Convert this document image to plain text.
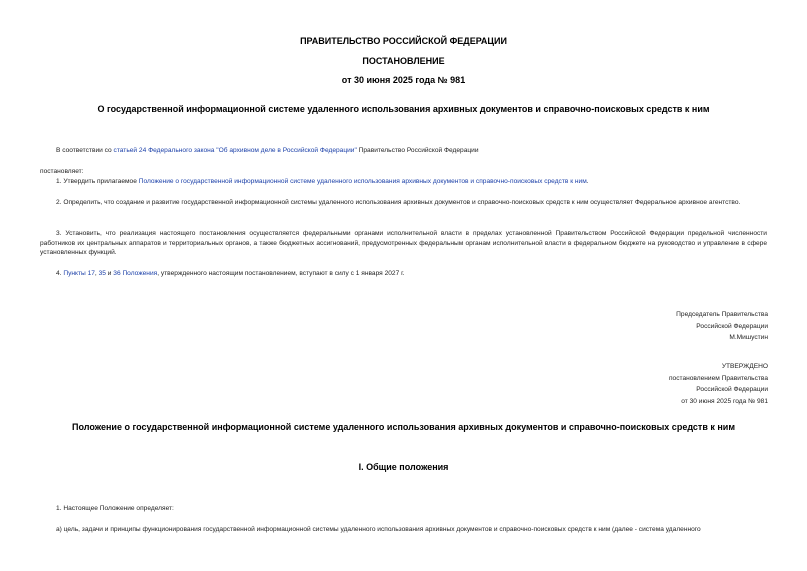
ПРАВИТЕЛЬСТВО РОССИЙСКОЙ ФЕДЕРАЦИИ
ПОСТАНОВЛЕНИЕ
от 30 июня 2025 года № 981
О государственной информационной системе удаленного использования архивных документов и справочно-поисковых средств к ним
В соответствии со статьей 24 Федерального закона "Об архивном деле в Российской Федерации" Правительство Российской Федерации
постановляет:
1. Утвердить прилагаемое Положение о государственной информационной системе удаленного использования архивных документов и справочно-поисковых средств к ним.
2. Определить, что создание и развитие государственной информационной системы удаленного использования архивных документов и справочно-поисковых средств к ним осуществляет Федеральное архивное агентство.
3. Установить, что реализация настоящего постановления осуществляется федеральными органами исполнительной власти в пределах установленной Правительством Российской Федерации предельной численности работников их центральных аппаратов и территориальных органов, а также бюджетных ассигнований, предусмотренных федеральным органам исполнительной власти в федеральном бюджете на руководство и управление в сфере установленных функций.
4. Пункты 17, 35 и 36 Положения, утвержденного настоящим постановлением, вступают в силу с 1 января 2027 г.
Председатель Правительства
Российской Федерации
М.Мишустин
УТВЕРЖДЕНО
постановлением Правительства
Российской Федерации
от 30 июня 2025 года № 981
Положение о государственной информационной системе удаленного использования архивных документов и справочно-поисковых средств к ним
I. Общие положения
1. Настоящее Положение определяет:
а) цель, задачи и принципы функционирования государственной информационной системы удаленного использования архивных документов и справочно-поисковых средств к ним (далее - система удаленного
